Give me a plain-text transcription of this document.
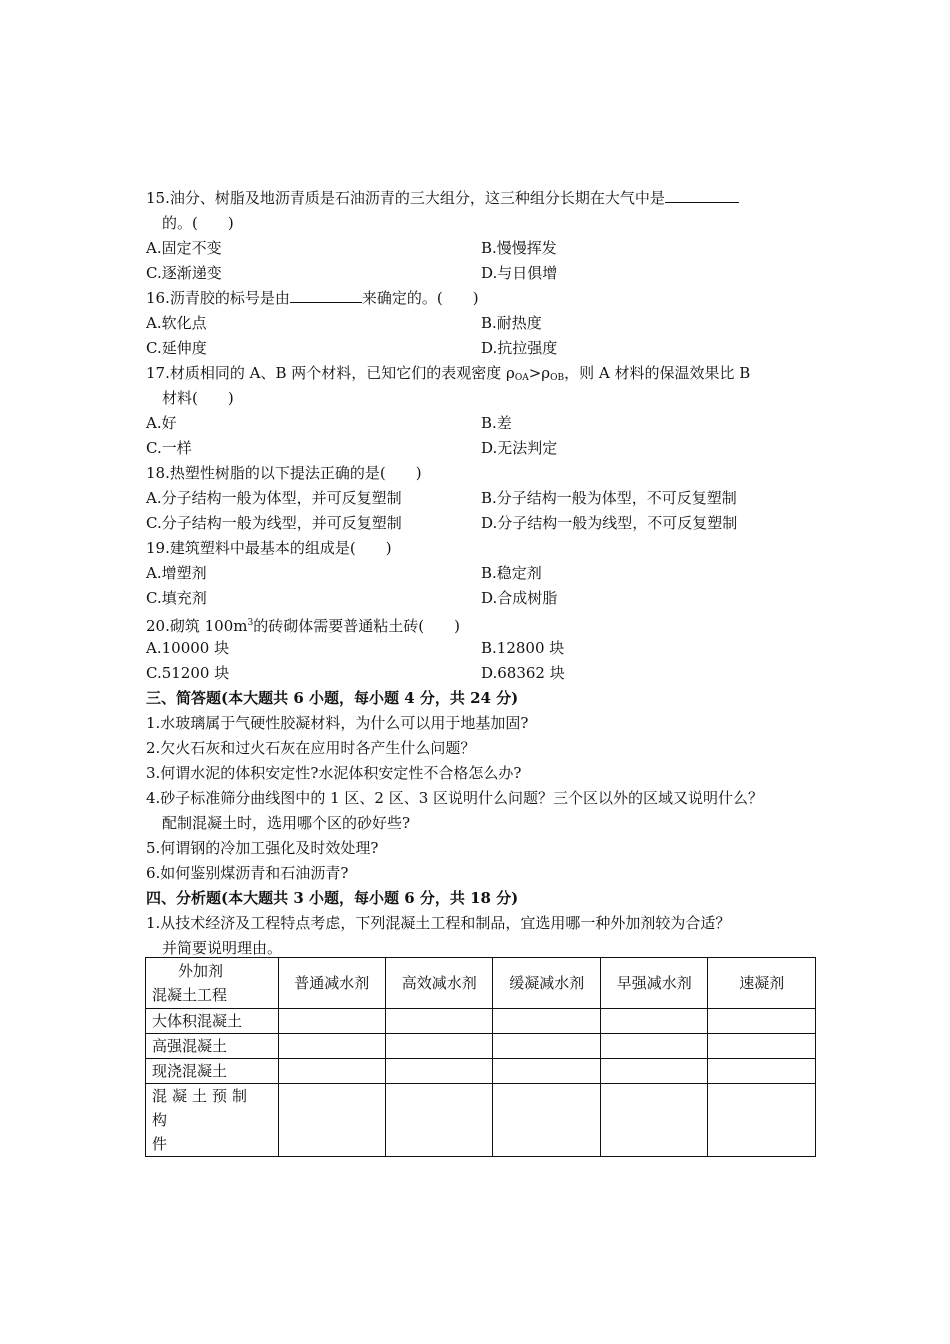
15.油分、树脂及地沥青质是石油沥青的三大组分，这三种组分长期在大气中是
的。( )
A.固定不变	B.慢慢挥发
C.逐渐递变	D.与日俱增
16.沥青胶的标号是由	来确定的。( )
A.软化点	B.耐热度
C.延伸度	D.抗拉强度
17.材质相同的 A、B 两个材料，已知它们的表观密度 $\rho_{OA}>\rho_{OB}$，则 A 材料的保温效果比 B
材料( )
A.好	B.差
C.一样	D.无法判定
18.热塑性树脂的以下提法正确的是( )
A.分子结构一般为体型，并可反复塑制	B.分子结构一般为体型，不可反复塑制
C.分子结构一般为线型，并可反复塑制	D.分子结构一般为线型，不可反复塑制
19.建筑塑料中最基本的组成是( )
A.增塑剂	B.稳定剂
C.填充剂	D.合成树脂
20.砌筑 $100m^3$的砖砌体需要普通粘土砖( )
A.10000 块	B.12800 块
C.51200 块	D.68362 块
三、简答题(本大题共 6 小题，每小题 4 分，共 24 分)
1.水玻璃属于气硬性胶凝材料，为什么可以用于地基加固?
2.欠火石灰和过火石灰在应用时各产生什么问题？
3.何谓水泥的体积安定性?水泥体积安定性不合格怎么办?
4.砂子标准筛分曲线图中的 1 区、2 区、3 区说明什么问题？三个区以外的区域又说明什么？
配制混凝土时，选用哪个区的砂好些?
5.何谓钢的冷加工强化及时效处理?
6.如何鉴别煤沥青和石油沥青?
四、分析题(本大题共 3 小题，每小题 6 分，共 18 分)
1.从技术经济及工程特点考虑，下列混凝土工程和制品，宜选用哪一种外加剂较为合适？
并简要说明理由。
外加剂
混凝土工程	普通减水剂	高效减水剂	缓凝减水剂	早强减水剂	速凝剂
大体积混凝土					
高强混凝土					
现浇混凝土					

混凝土预制构
件					
